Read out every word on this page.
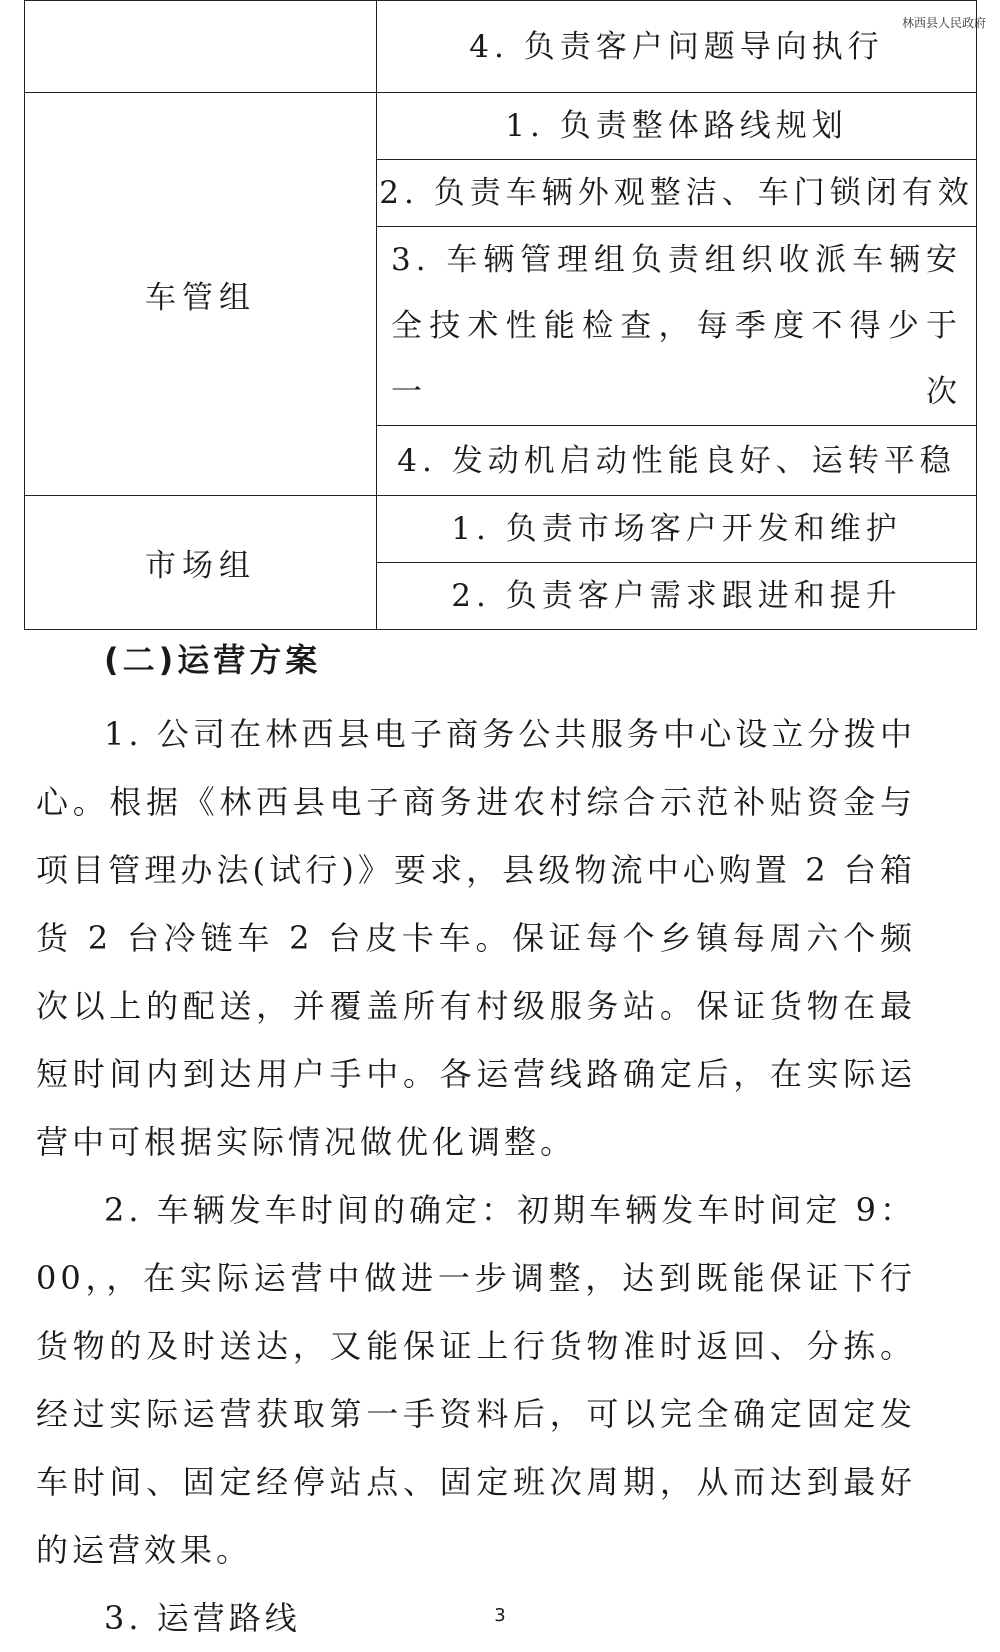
林西县人民政府
	4. 负责客户问题导向执行
车管组	1. 负责整体路线规划
	2. 负责车辆外观整洁、车门锁闭有效
	3. 车辆管理组负责组织收派车辆安全技术性能检查，每季度不得少于一次
	4. 发动机启动性能良好、运转平稳
市场组	1. 负责市场客户开发和维护
	2. 负责客户需求跟进和提升
(二)运营方案

1. 公司在林西县电子商务公共服务中心设立分拨中心。根据《林西县电子商务进农村综合示范补贴资金与项目管理办法(试行)》要求，县级物流中心购置 2 台箱货 2 台冷链车 2 台皮卡车。保证每个乡镇每周六个频次以上的配送，并覆盖所有村级服务站。保证货物在最短时间内到达用户手中。各运营线路确定后，在实际运营中可根据实际情况做优化调整。

2. 车辆发车时间的确定：初期车辆发车时间定 9：00，，在实际运营中做进一步调整，达到既能保证下行货物的及时送达，又能保证上行货物准时返回、分拣。经过实际运营获取第一手资料后，可以完全确定固定发车时间、固定经停站点、固定班次周期，从而达到最好的运营效果。

3. 运营路线	3
